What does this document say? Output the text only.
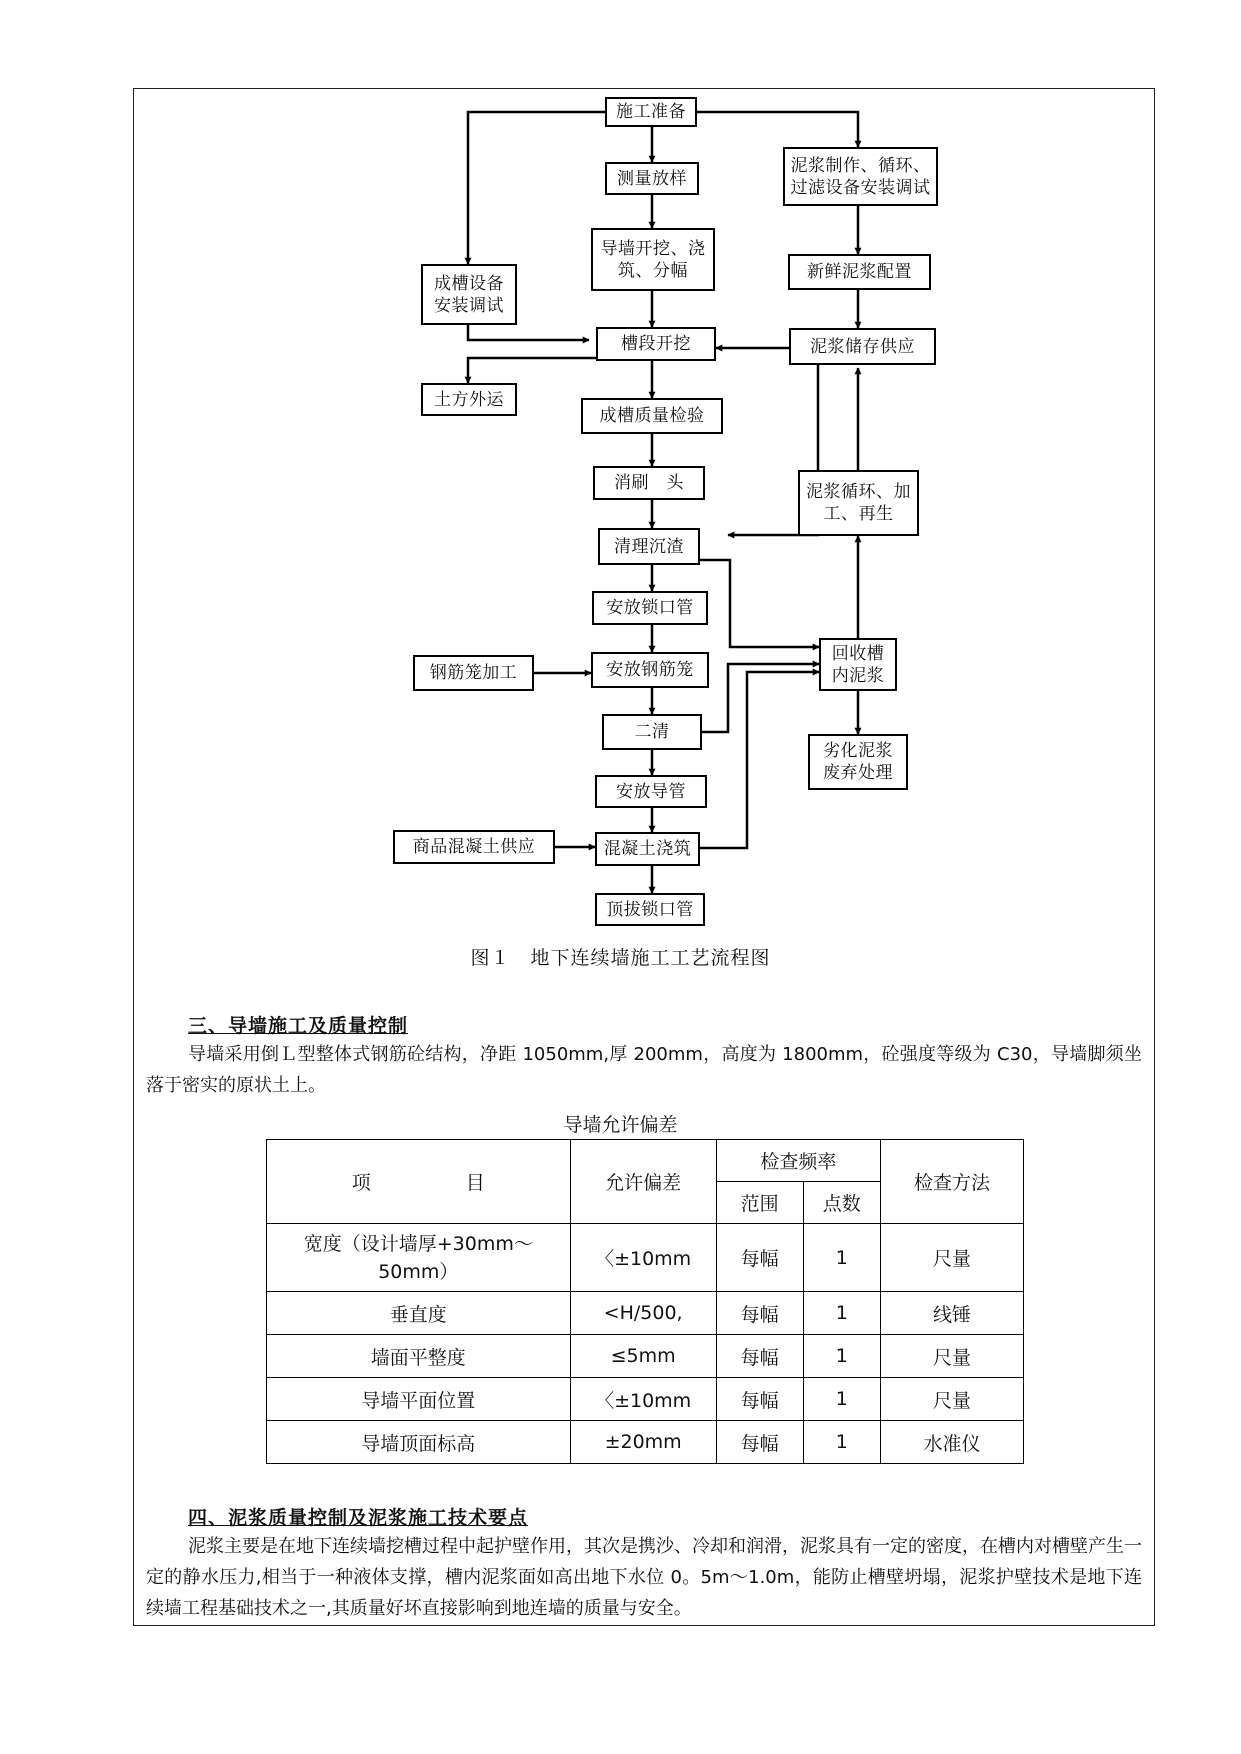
施工准备
测量放样
导墙开挖、浇
筑、分幅
泥浆制作、循环、
过滤设备安装调试
新鲜泥浆配置
成槽设备
安装调试
槽段开挖	泥浆储存供应
土方外运
成槽质量检验
消刷　头	泥浆循环、加
工、再生
清理沉渣
安放锁口管
回收槽
内泥浆
钢筋笼加工	安放钢筋笼
二清
劣化泥浆
废弃处理
安放导管
商品混凝土供应	混凝土浇筑
顶拔锁口管
图１　地下连续墙施工工艺流程图
三、导墙施工及质量控制
导墙采用倒Ｌ型整体式钢筋砼结构，净距 1050mm,厚 200mm，高度为 1800mm，砼强度等级为 C30，导墙脚须坐落于密实的原状土上。
导墙允许偏差
项　　　　　目	允许偏差	检查频率		检查方法
		范围	点数	
宽度（设计墙厚+30mm～50mm）	〈±10mm	每幅	1	尺量
垂直度	<H/500,	每幅	1	线锤
墙面平整度	≤5mm	每幅	1	尺量
导墙平面位置	〈±10mm	每幅	1	尺量
导墙顶面标高	±20mm	每幅	1	水准仪
四、泥浆质量控制及泥浆施工技术要点
泥浆主要是在地下连续墙挖槽过程中起护壁作用，其次是携沙、冷却和润滑，泥浆具有一定的密度，在槽内对槽壁产生一定的静水压力,相当于一种液体支撑，槽内泥浆面如高出地下水位 0。5m～1.0m，能防止槽壁坍塌，泥浆护壁技术是地下连续墙工程基础技术之一,其质量好坏直接影响到地连墙的质量与安全。
